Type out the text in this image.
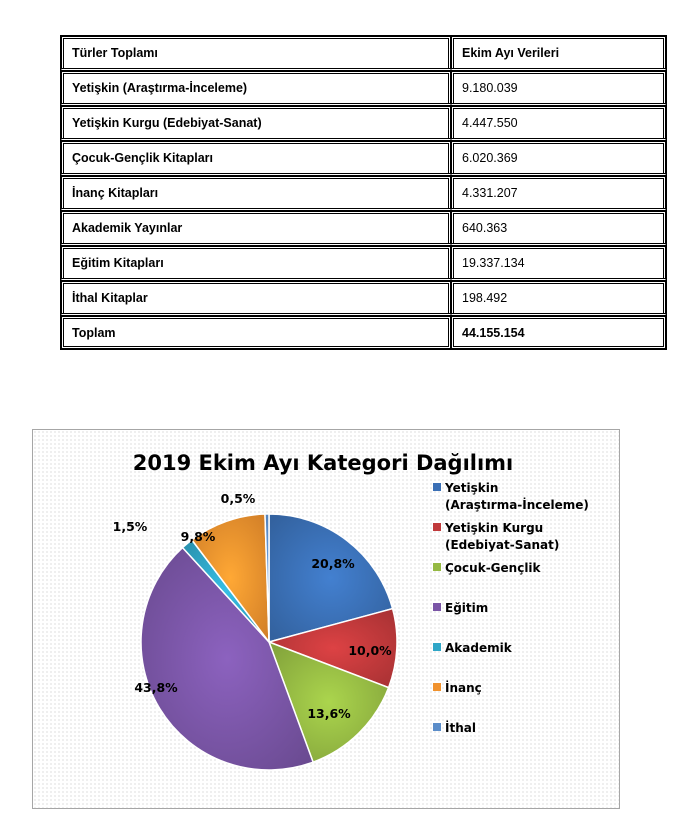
Türler Toplamı	Ekim Ayı Verileri
Yetişkin (Araştırma-İnceleme)	9.180.039
Yetişkin Kurgu (Edebiyat-Sanat)	4.447.550
Çocuk-Gençlik Kitapları	6.020.369
İnanç Kitapları	4.331.207
Akademik Yayınlar	640.363
Eğitim Kitapları	19.337.134
İthal Kitaplar	198.492
Toplam	44.155.154
2019 Ekim Ayı Kategori Dağılımı
20,8%
10,0%
13,6%
43,8%
1,5%
9,8%
0,5%
Yetişkin
(Araştırma-İnceleme)
Yetişkin Kurgu
(Edebiyat-Sanat)
Çocuk-Gençlik
Eğitim
Akademik
İnanç
İthal
